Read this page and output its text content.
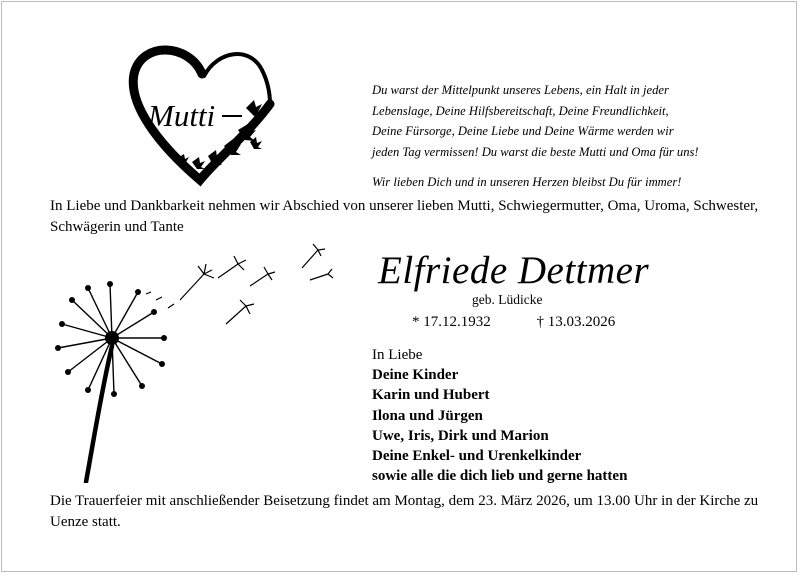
Mutti

Du warst der Mittelpunkt unseres Lebens, ein Halt in jeder

Lebenslage, Deine Hilfsbereitschaft, Deine Freundlichkeit,

Deine Fürsorge, Deine Liebe und Deine Wärme werden wir

jeden Tag vermissen! Du warst die beste Mutti und Oma für uns!

Wir lieben Dich und in unseren Herzen bleibst Du für immer!

In Liebe und Dankbarkeit nehmen wir Abschied von unserer lieben Mutti, Schwiegermutter, Oma, Uroma, Schwester, Schwägerin und Tante
Elfriede Dettmer
geb. Lüdicke
* 17.12.1932	† 13.03.2026
In Liebe
Deine Kinder
Karin und Hubert
Ilona und Jürgen
Uwe, Iris, Dirk und Marion
Deine Enkel- und Urenkelkinder
sowie alle die dich lieb und gerne hatten
Die Trauerfeier mit anschließender Beisetzung findet am Montag, dem 23. März 2026, um 13.00 Uhr in der Kirche zu Uenze statt.
